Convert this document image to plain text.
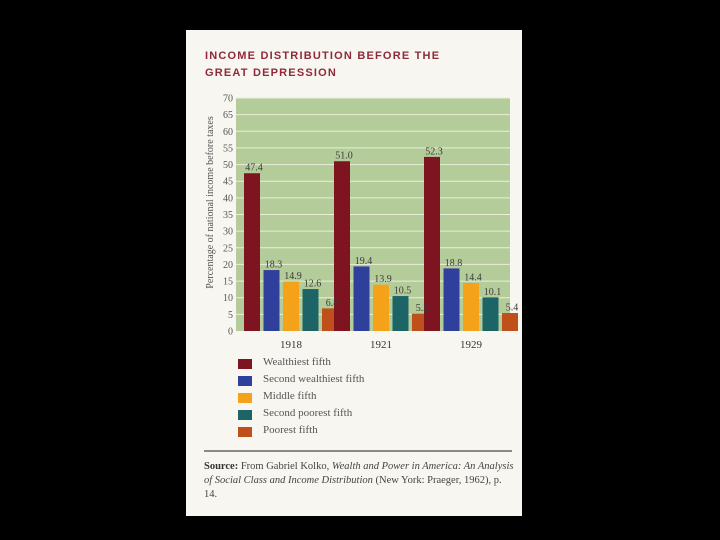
INCOME DISTRIBUTION BEFORE THE
GREAT DEPRESSION
0
5
10
15
20
25
30
35
40
45
50
55
60
65
70
47.4
18.3
14.9
12.6
6.8
51.0
19.4
13.9
10.5
5.2
52.3
18.8
14.4
10.1
5.4
1918	1921	1929
Percentage of national income before taxes
Wealthiest fifth
Second wealthiest fifth
Middle fifth
Second poorest fifth
Poorest fifth
Source: From Gabriel Kolko, Wealth and Power in America: An Analysis of Social Class and Income Distribution (New York: Praeger, 1962), p. 14.
